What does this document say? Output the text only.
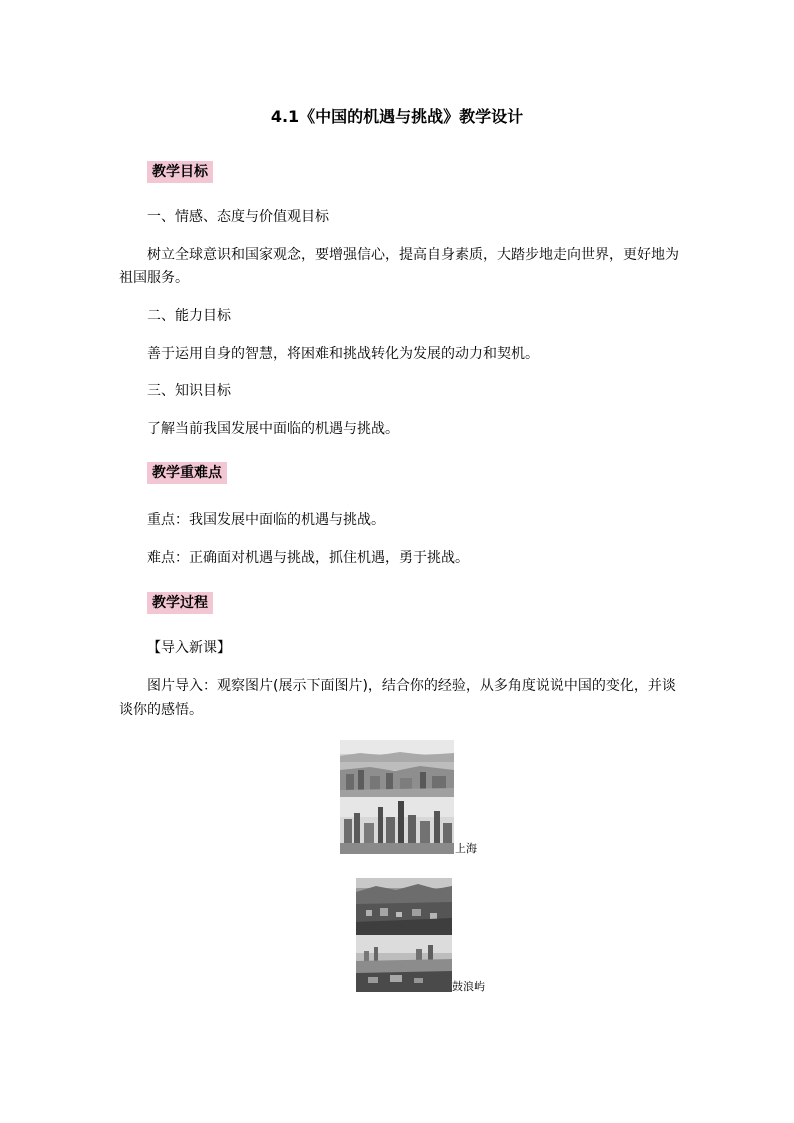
4.1《中国的机遇与挑战》教学设计
教学目标
一、情感、态度与价值观目标
树立全球意识和国家观念，要增强信心，提高自身素质，大踏步地走向世界，更好地为
祖国服务。
二、能力目标
善于运用自身的智慧，将困难和挑战转化为发展的动力和契机。
三、知识目标
了解当前我国发展中面临的机遇与挑战。
教学重难点
重点：我国发展中面临的机遇与挑战。
难点：正确面对机遇与挑战，抓住机遇，勇于挑战。
教学过程
【导入新课】
图片导入：观察图片(展示下面图片)，结合你的经验，从多角度说说中国的变化，并谈
谈你的感悟。
上海
鼓浪屿
